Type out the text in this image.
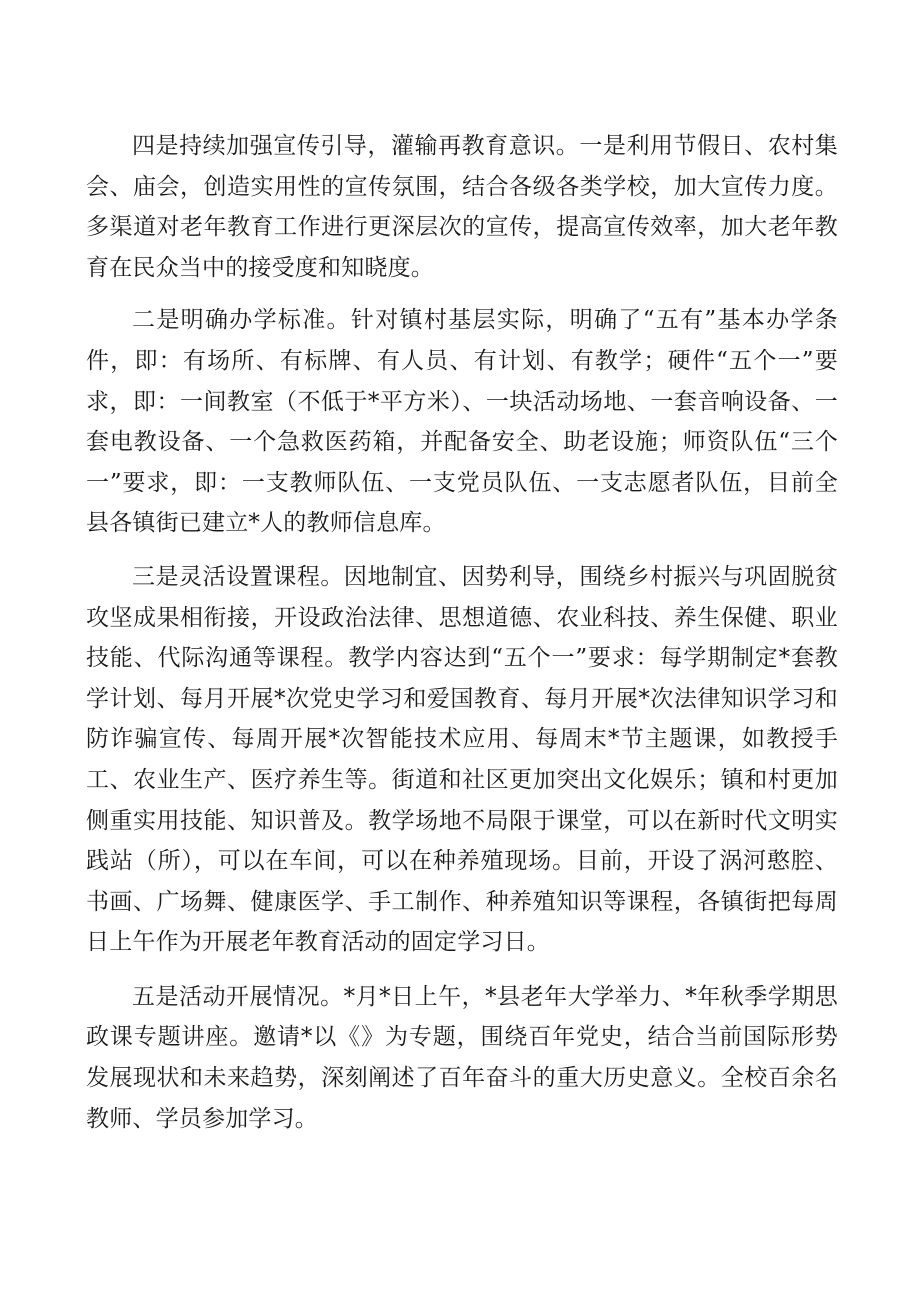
四是持续加强宣传引导，灌输再教育意识。一是利用节假日、农村集会、庙会，创造实用性的宣传氛围，结合各级各类学校，加大宣传力度。多渠道对老年教育工作进行更深层次的宣传，提高宣传效率，加大老年教育在民众当中的接受度和知晓度。

二是明确办学标准。针对镇村基层实际，明确了“五有”基本办学条件，即：有场所、有标牌、有人员、有计划、有教学；硬件“五个一”要求，即：一间教室（不低于*平方米）、一块活动场地、一套音响设备、一套电教设备、一个急救医药箱，并配备安全、助老设施；师资队伍“三个一”要求，即：一支教师队伍、一支党员队伍、一支志愿者队伍，目前全县各镇街已建立*人的教师信息库。

三是灵活设置课程。因地制宜、因势利导，围绕乡村振兴与巩固脱贫攻坚成果相衔接，开设政治法律、思想道德、农业科技、养生保健、职业技能、代际沟通等课程。教学内容达到“五个一”要求：每学期制定*套教学计划、每月开展*次党史学习和爱国教育、每月开展*次法律知识学习和防诈骗宣传、每周开展*次智能技术应用、每周末*节主题课，如教授手工、农业生产、医疗养生等。街道和社区更加突出文化娱乐；镇和村更加侧重实用技能、知识普及。教学场地不局限于课堂，可以在新时代文明实践站（所），可以在车间，可以在种养殖现场。目前，开设了涡河憨腔、书画、广场舞、健康医学、手工制作、种养殖知识等课程，各镇街把每周日上午作为开展老年教育活动的固定学习日。

五是活动开展情况。*月*日上午，*县老年大学举力、*年秋季学期思政课专题讲座。邀请*以《》为专题，围绕百年党史，结合当前国际形势发展现状和未来趋势，深刻阐述了百年奋斗的重大历史意义。全校百余名教师、学员参加学习。
